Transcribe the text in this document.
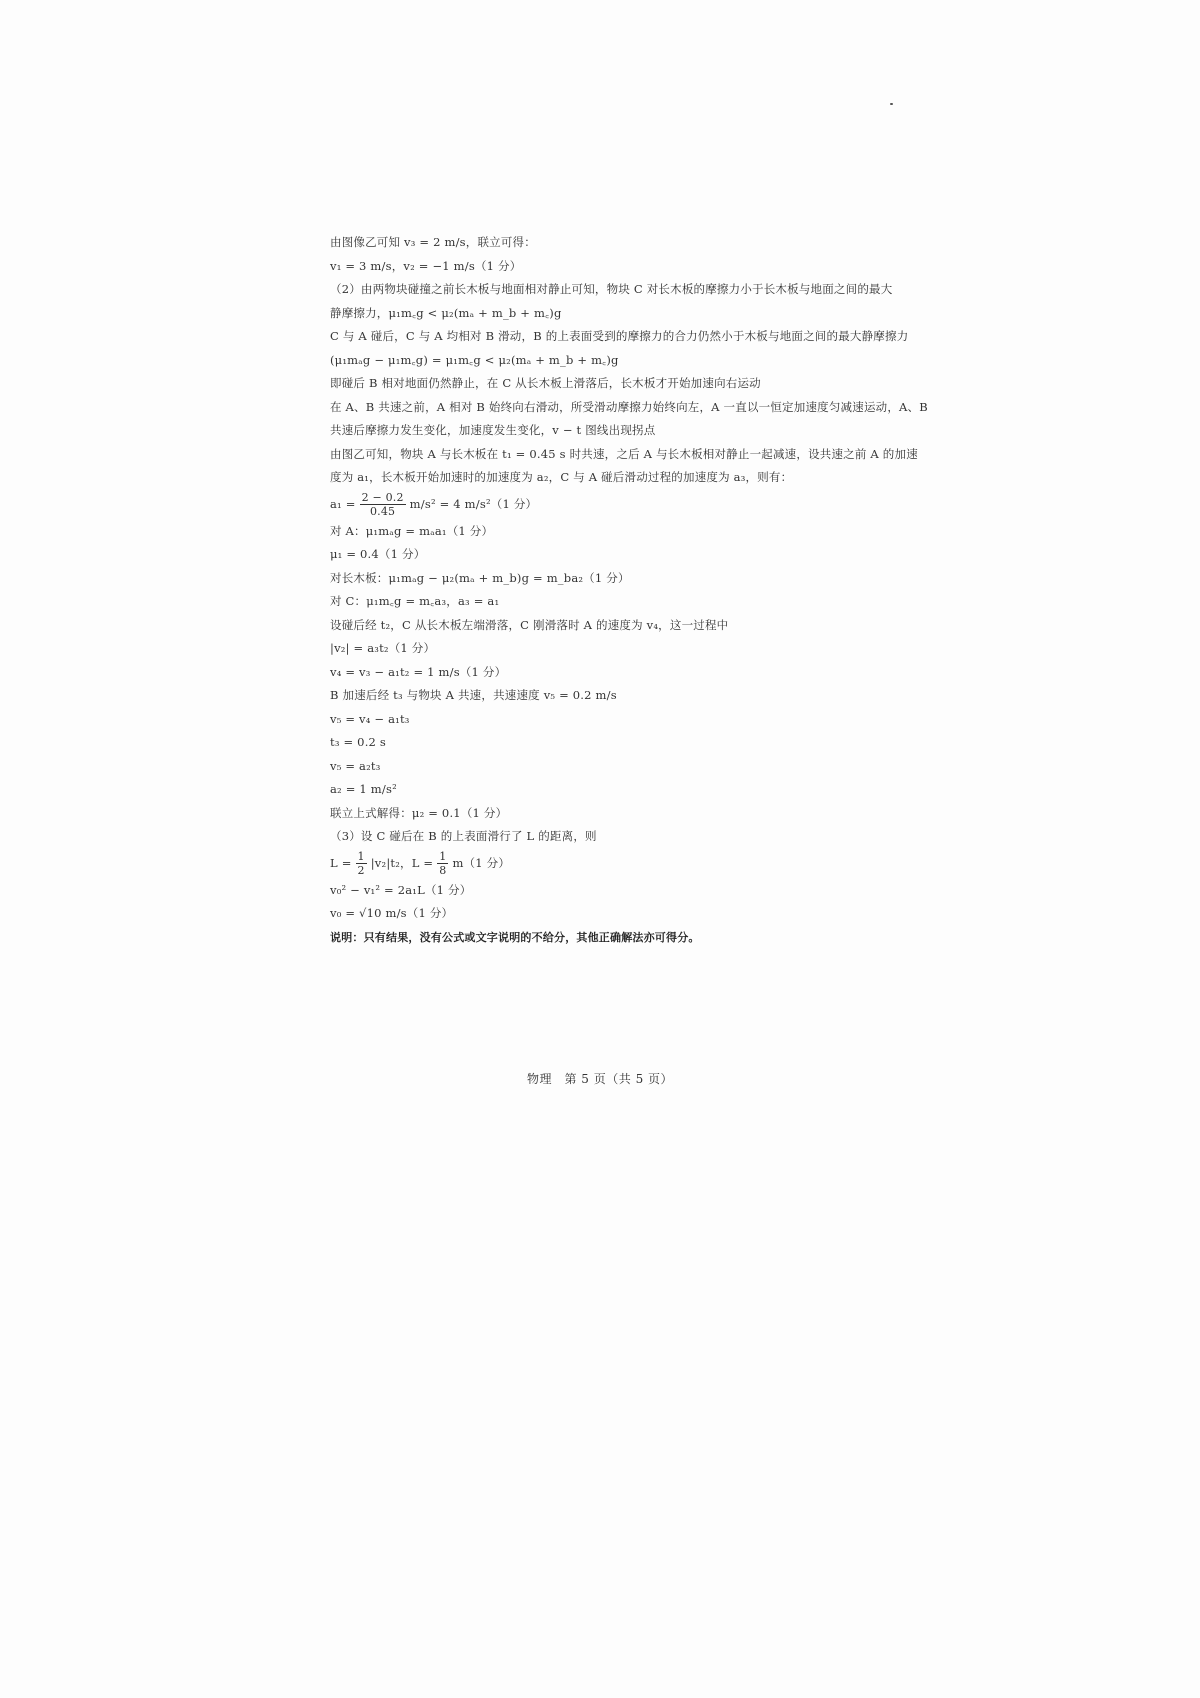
由图像乙可知 v₃ = 2 m/s，联立可得：
v₁ = 3 m/s，v₂ = −1 m/s（1 分）
（2）由两物块碰撞之前长木板与地面相对静止可知，物块 C 对长木板的摩擦力小于长木板与地面之间的最大
静摩擦力，μ₁m꜀g < μ₂(mₐ + m_b + m꜀)g
C 与 A 碰后，C 与 A 均相对 B 滑动，B 的上表面受到的摩擦力的合力仍然小于木板与地面之间的最大静摩擦力
(μ₁mₐg − μ₁m꜀g) = μ₁m꜀g < μ₂(mₐ + m_b + m꜀)g
即碰后 B 相对地面仍然静止，在 C 从长木板上滑落后，长木板才开始加速向右运动
在 A、B 共速之前，A 相对 B 始终向右滑动，所受滑动摩擦力始终向左，A 一直以一恒定加速度匀减速运动，A、B
共速后摩擦力发生变化，加速度发生变化，v − t 图线出现拐点
由图乙可知，物块 A 与长木板在 t₁ = 0.45 s 时共速，之后 A 与长木板相对静止一起减速，设共速之前 A 的加速
度为 a₁，长木板开始加速时的加速度为 a₂，C 与 A 碰后滑动过程的加速度为 a₃，则有：
$a_1 = \frac{2 - 0.2}{0.45} m/s^2 = 4$ m/s²（1 分）
对 A：μ₁mₐg = mₐa₁（1 分）
μ₁ = 0.4（1 分）
对长木板：μ₁mₐg − μ₂(mₐ + m_b)g = m_ba₂（1 分）
对 C：μ₁m꜀g = m꜀a₃，a₃ = a₁
设碰后经 t₂，C 从长木板左端滑落，C 刚滑落时 A 的速度为 v₄，这一过程中
|v₂| = a₃t₂（1 分）
v₄ = v₃ − a₁t₂ = 1 m/s（1 分）
B 加速后经 t₃ 与物块 A 共速，共速速度 v₅ = 0.2 m/s
v₅ = v₄ − a₁t₃
t₃ = 0.2 s
v₅ = a₂t₃
a₂ = 1 m/s²
联立上式解得：μ₂ = 0.1（1 分）
（3）设 C 碰后在 B 的上表面滑行了 L 的距离，则
$L = \frac{1}{2} |v_2|t_2$，$L = \frac{1}{8} m(1$ 分）
v₀² − v₁² = 2a₁L（1 分）
v₀ = √10 m/s（1 分）
说明：只有结果，没有公式或文字说明的不给分，其他正确解法亦可得分。
物理　第 5 页（共 5 页）
